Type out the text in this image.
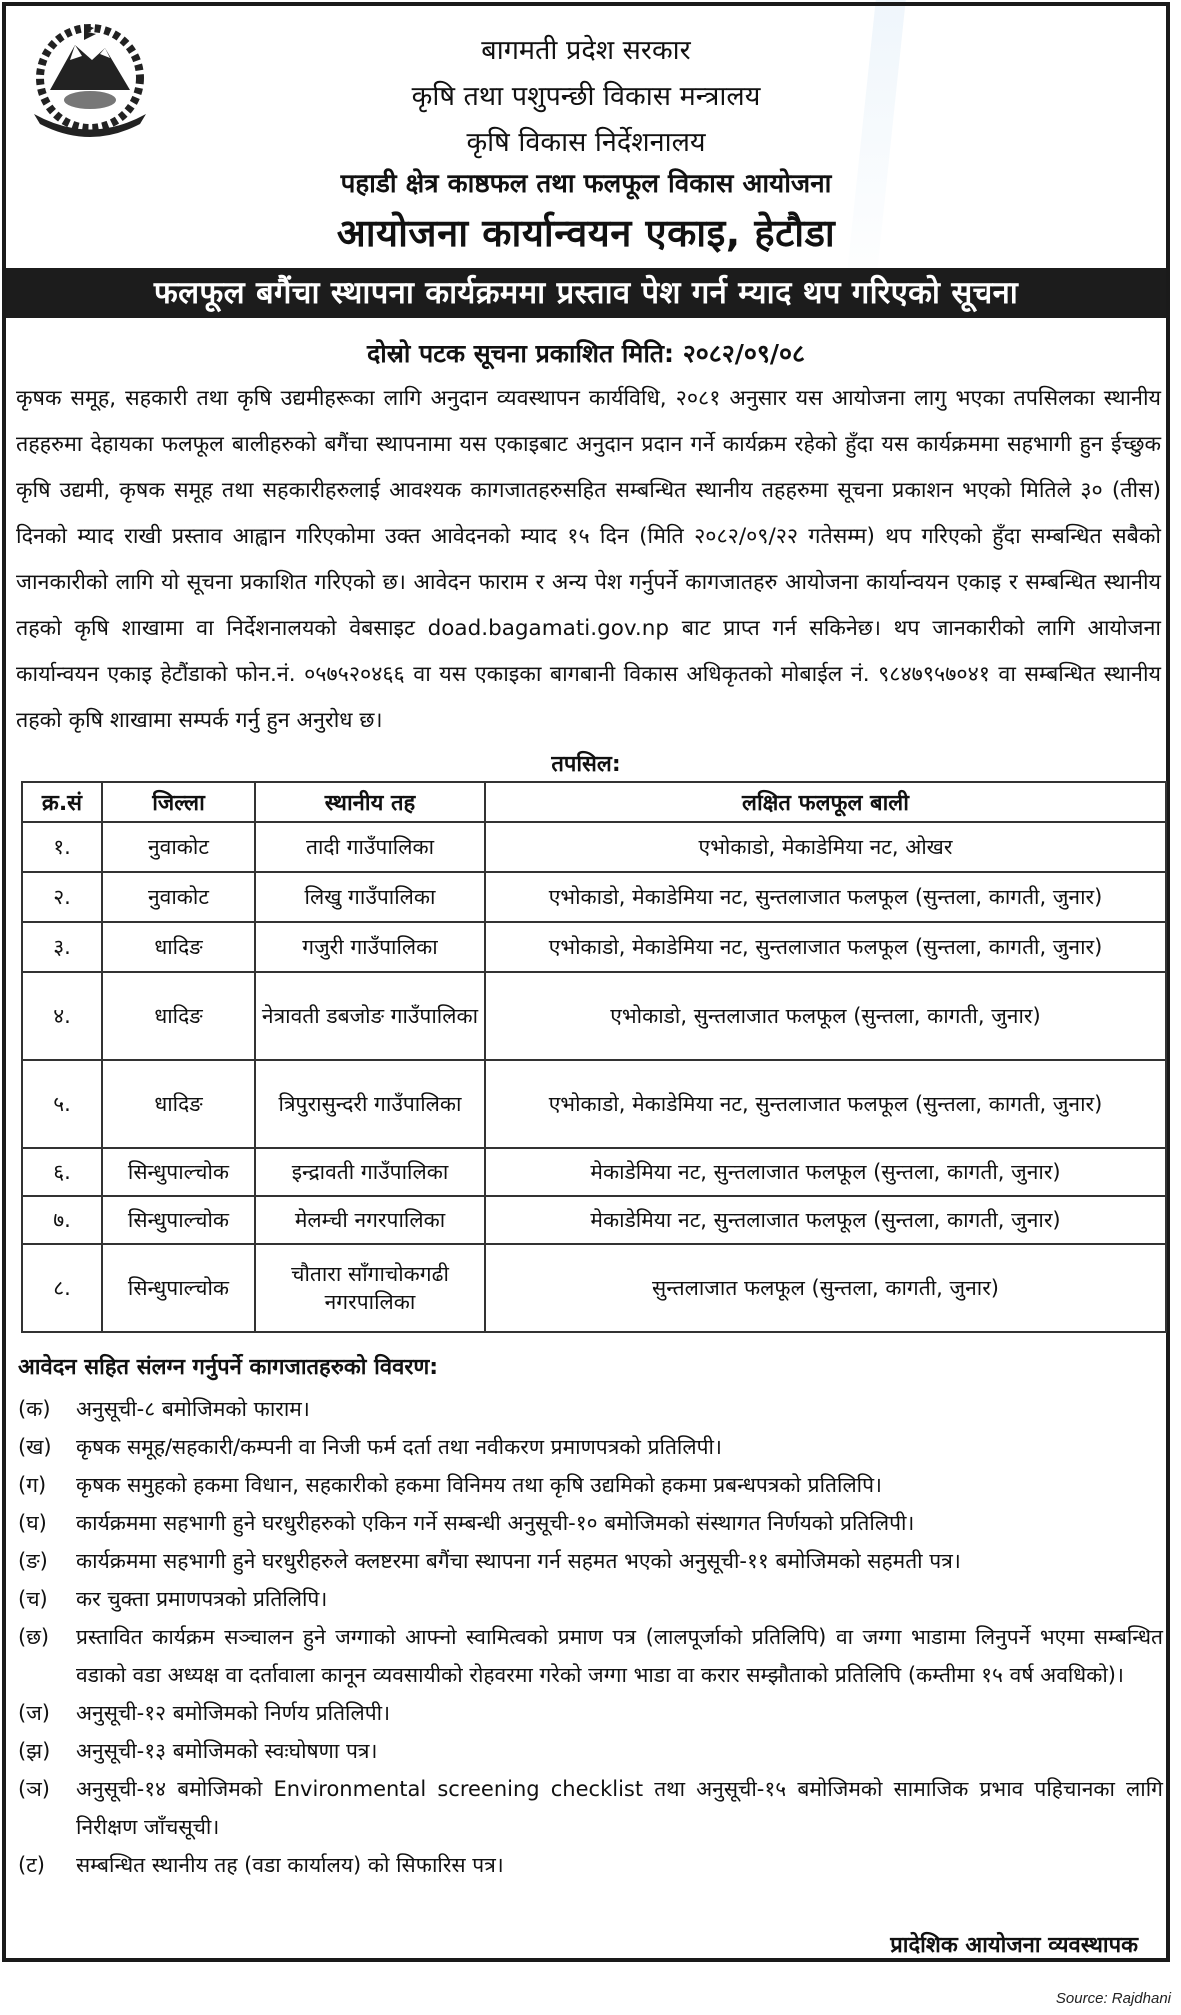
बागमती प्रदेश सरकार
कृषि तथा पशुपन्छी विकास मन्त्रालय
कृषि विकास निर्देशनालय
पहाडी क्षेत्र काष्ठफल तथा फलफूल विकास आयोजना
आयोजना कार्यान्वयन एकाइ, हेटौडा
फलफूल बगैंचा स्थापना कार्यक्रममा प्रस्ताव पेश गर्न म्याद थप गरिएको सूचना
दोस्रो पटक सूचना प्रकाशित मिति: २०८२/०९/०८
कृषक समूह, सहकारी तथा कृषि उद्यमीहरूका लागि अनुदान व्यवस्थापन कार्यविधि, २०८१ अनुसार यस आयोजना लागु भएका तपसिलका स्थानीय तहहरुमा देहायका फलफूल बालीहरुको बगैंचा स्थापनामा यस एकाइबाट अनुदान प्रदान गर्ने कार्यक्रम रहेको हुँदा यस कार्यक्रममा सहभागी हुन ईच्छुक कृषि उद्यमी, कृषक समूह तथा सहकारीहरुलाई आवश्यक कागजातहरुसहित सम्बन्धित स्थानीय तहहरुमा सूचना प्रकाशन भएको मितिले ३० (तीस) दिनको म्याद राखी प्रस्ताव आह्वान गरिएकोमा उक्त आवेदनको म्याद १५ दिन (मिति २०८२/०९/२२ गतेसम्म) थप गरिएको हुँदा सम्बन्धित सबैको जानकारीको लागि यो सूचना प्रकाशित गरिएको छ। आवेदन फाराम र अन्य पेश गर्नुपर्ने कागजातहरु आयोजना कार्यान्वयन एकाइ र सम्बन्धित स्थानीय तहको कृषि शाखामा वा निर्देशनालयको वेबसाइट doad.bagamati.gov.np बाट प्राप्त गर्न सकिनेछ। थप जानकारीको लागि आयोजना कार्यान्वयन एकाइ हेटौंडाको फोन.नं. ०५७५२०४६६ वा यस एकाइका बागबानी विकास अधिकृतको मोबाईल नं. ९८४७९५७०४१ वा सम्बन्धित स्थानीय तहको कृषि शाखामा सम्पर्क गर्नु हुन अनुरोध छ।
तपसिल:
क्र.सं	जिल्ला	स्थानीय तह	लक्षित फलफूल बाली
१.	नुवाकोट	तादी गाउँपालिका	एभोकाडो, मेकाडेमिया नट, ओखर
२.	नुवाकोट	लिखु गाउँपालिका	एभोकाडो, मेकाडेमिया नट, सुन्तलाजात फलफूल (सुन्तला, कागती, जुनार)
३.	धादिङ	गजुरी गाउँपालिका	एभोकाडो, मेकाडेमिया नट, सुन्तलाजात फलफूल (सुन्तला, कागती, जुनार)
४.	धादिङ	नेत्रावती डबजोङ गाउँपालिका	एभोकाडो, सुन्तलाजात फलफूल (सुन्तला, कागती, जुनार)
५.	धादिङ	त्रिपुरासुन्दरी गाउँपालिका	एभोकाडो, मेकाडेमिया नट, सुन्तलाजात फलफूल (सुन्तला, कागती, जुनार)
६.	सिन्धुपाल्चोक	इन्द्रावती गाउँपालिका	मेकाडेमिया नट, सुन्तलाजात फलफूल (सुन्तला, कागती, जुनार)
७.	सिन्धुपाल्चोक	मेलम्ची नगरपालिका	मेकाडेमिया नट, सुन्तलाजात फलफूल (सुन्तला, कागती, जुनार)
८.	सिन्धुपाल्चोक	चौतारा साँगाचोकगढी नगरपालिका	सुन्तलाजात फलफूल (सुन्तला, कागती, जुनार)
आवेदन सहित संलग्न गर्नुपर्ने कागजातहरुको विवरण:
(क)	अनुसूची-८ बमोजिमको फाराम।
(ख)	कृषक समूह/सहकारी/कम्पनी वा निजी फर्म दर्ता तथा नवीकरण प्रमाणपत्रको प्रतिलिपी।
(ग)	कृषक समुहको हकमा विधान, सहकारीको हकमा विनिमय तथा कृषि उद्यमिको हकमा प्रबन्धपत्रको प्रतिलिपि।
(घ)	कार्यक्रममा सहभागी हुने घरधुरीहरुको एकिन गर्ने सम्बन्धी अनुसूची-१० बमोजिमको संस्थागत निर्णयको प्रतिलिपी।
(ङ)	कार्यक्रममा सहभागी हुने घरधुरीहरुले क्लष्टरमा बगैंचा स्थापना गर्न सहमत भएको अनुसूची-११ बमोजिमको सहमती पत्र।
(च)	कर चुक्ता प्रमाणपत्रको प्रतिलिपि।
(छ)	प्रस्तावित कार्यक्रम सञ्चालन हुने जग्गाको आफ्नो स्वामित्वको प्रमाण पत्र (लालपूर्जाको प्रतिलिपि) वा जग्गा भाडामा लिनुपर्ने भएमा सम्बन्धित वडाको वडा अध्यक्ष वा दर्तावाला कानून व्यवसायीको रोहवरमा गरेको जग्गा भाडा वा करार सम्झौताको प्रतिलिपि (कम्तीमा १५ वर्ष अवधिको)।
(ज)	अनुसूची-१२ बमोजिमको निर्णय प्रतिलिपी।
(झ)	अनुसूची-१३ बमोजिमको स्वःघोषणा पत्र।
(ञ)	अनुसूची-१४ बमोजिमको Environmental screening checklist तथा अनुसूची-१५ बमोजिमको सामाजिक प्रभाव पहिचानका लागि निरीक्षण जाँचसूची।
(ट)	सम्बन्धित स्थानीय तह (वडा कार्यालय) को सिफारिस पत्र।
प्रादेशिक आयोजना व्यवस्थापक
Source: Rajdhani
